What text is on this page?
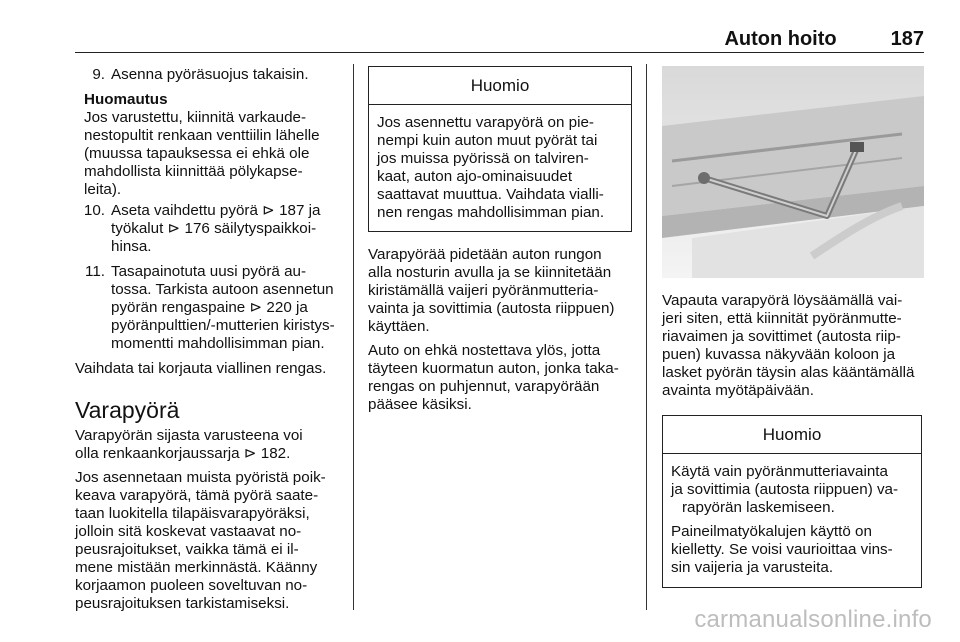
Auton hoito	187
9. Asenna pyöräsuojus takaisin.

Huomautus

Jos varustettu, kiinnitä varkaude-

nestopultit renkaan venttiilin lähelle

(muussa tapauksessa ei ehkä ole

mahdollista kiinnittää pölykapse-

leita).

10. Aseta vaihdettu pyörä ⊳ 187 ja

työkalut ⊳ 176 säilytyspaikkoi-

hinsa.

11. Tasapainotuta uusi pyörä au-

tossa. Tarkista autoon asennetun

pyörän rengaspaine ⊳ 220 ja

pyöränpulttien/-mutterien kiristys-

momentti mahdollisimman pian.

Vaihdata tai korjauta viallinen rengas.

Varapyörä

Varapyörän sijasta varusteena voi

olla renkaankorjaussarja ⊳ 182.

Jos asennetaan muista pyöristä poik-

keava varapyörä, tämä pyörä saate-

taan luokitella tilapäisvarapyöräksi,

jolloin sitä koskevat vastaavat no-

peusrajoitukset, vaikka tämä ei il-

mene mistään merkinnästä. Käänny

korjaamon puoleen soveltuvan no-

peusrajoituksen tarkistamiseksi.

Huomio

Jos asennettu varapyörä on pie-

nempi kuin auton muut pyörät tai

jos muissa pyörissä on talviren-

kaat, auton ajo-ominaisuudet

saattavat muuttua. Vaihdata vialli-

nen rengas mahdollisimman pian.

Varapyörää pidetään auton rungon

alla nosturin avulla ja se kiinnitetään

kiristämällä vaijeri pyöränmutteria-

vainta ja sovittimia (autosta riippuen)

käyttäen.

Auto on ehkä nostettava ylös, jotta

täyteen kuormatun auton, jonka taka-

rengas on puhjennut, varapyörään

pääsee käsiksi.

Vapauta varapyörä löysäämällä vai-

jeri siten, että kiinnität pyöränmutte-

riavaimen ja sovittimet (autosta riip-

puen) kuvassa näkyvään koloon ja

lasket pyörän täysin alas kääntämällä

avainta myötäpäivään.

Huomio

Käytä vain pyöränmutteriavainta

ja sovittimia (autosta riippuen) va-

rapyörän laskemiseen.

Paineilmatyökalujen käyttö on

kielletty. Se voisi vaurioittaa vins-

sin vaijeria ja varusteita.

carmanualsonline.info
